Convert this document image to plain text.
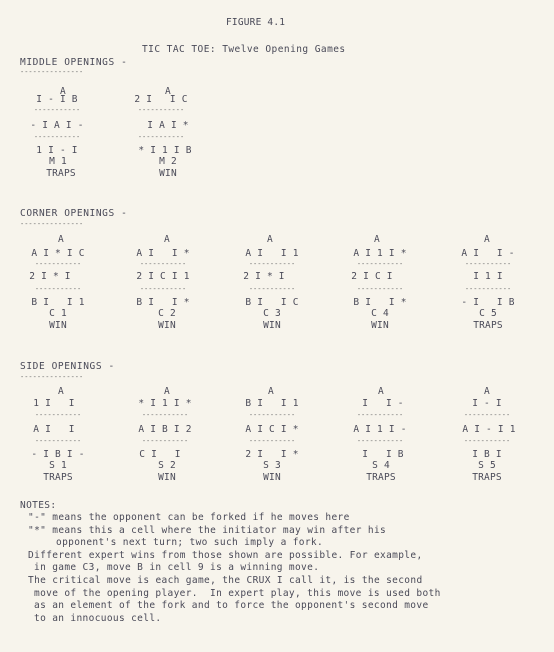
FIGURE 4.1
TIC TAC TOE: Twelve Opening Games
MIDDLE OPENINGS -
---------------
A
I - I B
-----------
- I A I -
-----------
1 I - I
M 1
TRAPS
A
2 I   I C
-----------
I A I *
-----------
* I 1 I B
M 2
WIN
CORNER OPENINGS -
---------------
A
A I * I C
-----------
2 I * I
-----------
B I   I 1
C 1
WIN
A
A I   I *
-----------
2 I C I 1
-----------
B I   I *
C 2
WIN
A
A I   I 1
-----------
2 I * I
-----------
B I   I C
C 3
WIN
A
A I 1 I *
-----------
2 I C I
-----------
B I   I *
C 4
WIN
A
A I   I -
-----------
I 1 I
-----------
- I   I B
C 5
TRAPS
SIDE OPENINGS -
---------------
A
1 I   I
-----------
A I   I
-----------
- I B I -
S 1
TRAPS
A
* I 1 I *
-----------
A I B I 2
-----------
C I   I
S 2
WIN
A
B I   I 1
-----------
A I C I *
-----------
2 I   I *
S 3
WIN
A
I   I -
-----------
A I 1 I -
-----------
I   I B
S 4
TRAPS
A
I - I
-----------
A I - I 1
-----------
I B I
S 5
TRAPS
NOTES:
"-" means the opponent can be forked if he moves here
"*" means this a cell where the initiator may win after his
opponent's next turn; two such imply a fork.
Different expert wins from those shown are possible. For example,
in game C3, move B in cell 9 is a winning move.
The critical move is each game, the CRUX I call it, is the second
move of the opening player.  In expert play, this move is used both
as an element of the fork and to force the opponent's second move
to an innocuous cell.
